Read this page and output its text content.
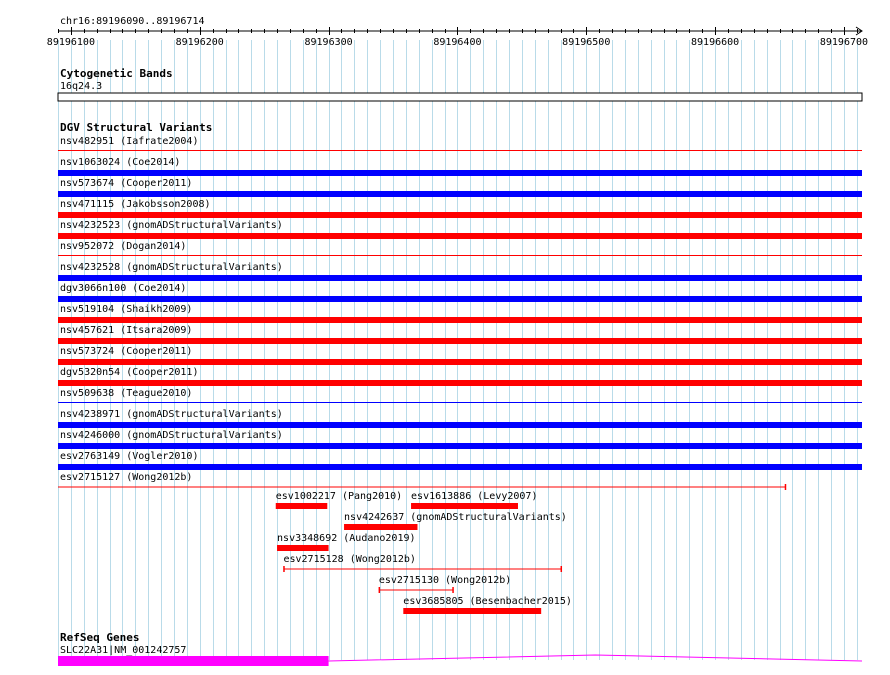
chr16:89196090..89196714
89196100	89196200	89196300	89196400	89196500	89196600	89196700
Cytogenetic Bands
16q24.3
DGV Structural Variants
nsv482951 (Iafrate2004)
nsv1063024 (Coe2014)
nsv573674 (Cooper2011)
nsv471115 (Jakobsson2008)
nsv4232523 (gnomADStructuralVariants)
nsv952072 (Dogan2014)
nsv4232528 (gnomADStructuralVariants)
dgv3066n100 (Coe2014)
nsv519104 (Shaikh2009)
nsv457621 (Itsara2009)
nsv573724 (Cooper2011)
dgv5320n54 (Cooper2011)
nsv509638 (Teague2010)
nsv4238971 (gnomADStructuralVariants)
nsv4246000 (gnomADStructuralVariants)
esv2763149 (Vogler2010)
esv2715127 (Wong2012b)
esv1002217 (Pang2010)
nsv4242637 (gnomADStructuralVariants)
nsv3348692 (Audano2019)
esv1613886 (Levy2007)
esv2715128 (Wong2012b)
esv2715130 (Wong2012b)
esv3685805 (Besenbacher2015)
RefSeq Genes
SLC22A31|NM_001242757
